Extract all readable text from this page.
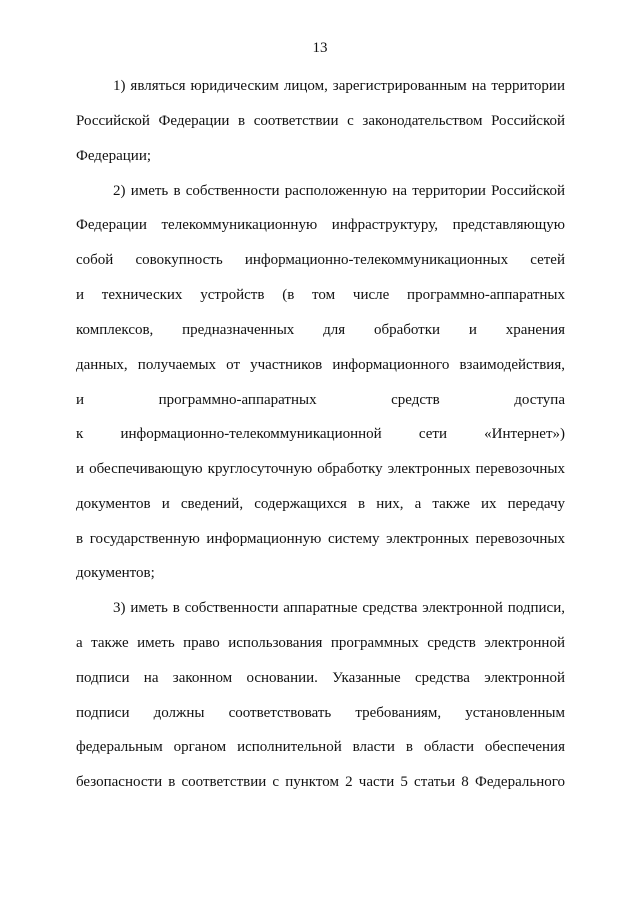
13
1) являться юридическим лицом, зарегистрированным на территории
Российской Федерации в соответствии с законодательством Российской
Федерации;
2) иметь в собственности расположенную на территории Российской
Федерации телекоммуникационную инфраструктуру, представляющую
собой совокупность информационно-телекоммуникационных сетей
и технических устройств (в том числе программно-аппаратных
комплексов, предназначенных для обработки и хранения
данных, получаемых от участников информационного взаимодействия,
и программно-аппаратных средств доступа
к информационно-телекоммуникационной сети «Интернет»)
и обеспечивающую круглосуточную обработку электронных перевозочных
документов и сведений, содержащихся в них, а также их передачу
в государственную информационную систему электронных перевозочных
документов;
3) иметь в собственности аппаратные средства электронной подписи,
а также иметь право использования программных средств электронной
подписи на законном основании. Указанные средства электронной
подписи должны соответствовать требованиям, установленным
федеральным органом исполнительной власти в области обеспечения
безопасности в соответствии с пунктом 2 части 5 статьи 8 Федерального
